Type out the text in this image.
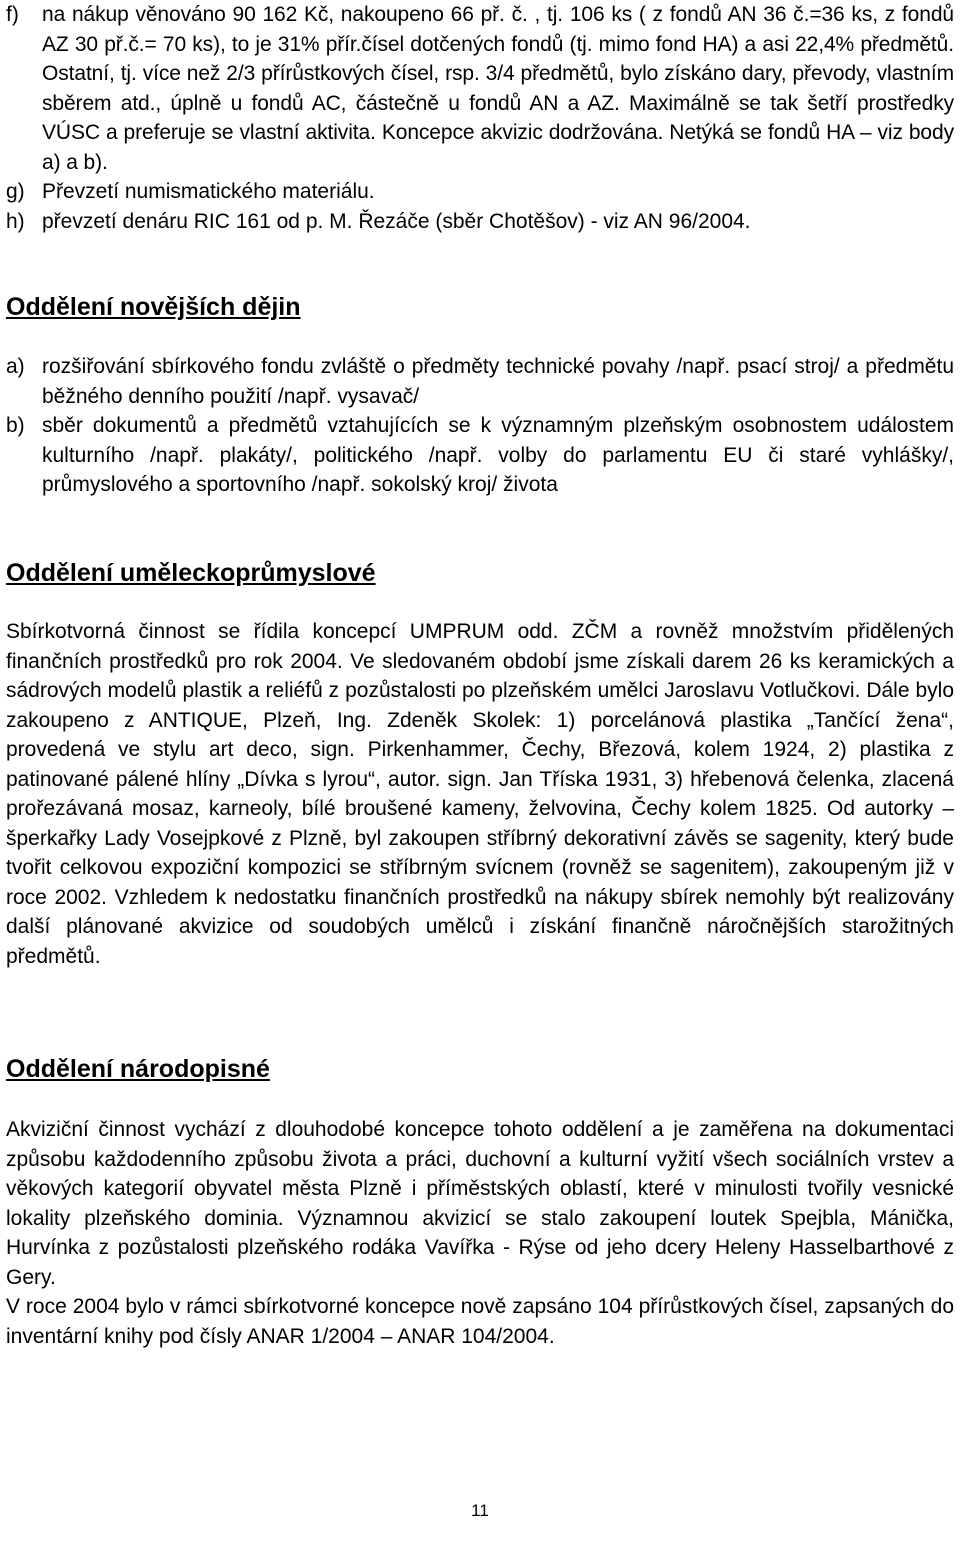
f)	na nákup věnováno 90 162 Kč, nakoupeno 66 př. č. , tj. 106 ks ( z fondů AN 36 č.=36 ks, z fondů AZ 30 př.č.= 70 ks), to je 31% přír.čísel dotčených fondů (tj. mimo fond HA) a asi 22,4% předmětů. Ostatní, tj. více než 2/3 přírůstkových čísel, rsp. 3/4 předmětů, bylo získáno dary, převody, vlastním sběrem atd., úplně u fondů AC, částečně u fondů AN a AZ. Maximálně se tak šetří prostředky VÚSC a preferuje se vlastní aktivita. Koncepce akvizic dodržována. Netýká se fondů HA – viz body a) a b).
g) Převzetí numismatického materiálu.
h) převzetí denáru RIC 161 od p. M. Řezáče (sběr Chotěšov) - viz AN 96/2004.
Oddělení novějších dějin
a) rozšiřování sbírkového fondu zvláště o předměty technické povahy /např. psací stroj/ a předmětu běžného denního použití /např. vysavač/
b) sběr dokumentů a předmětů vztahujících se k významným plzeňským osobnostem událostem kulturního /např. plakáty/, politického /např. volby do parlamentu EU či staré vyhlášky/, průmyslového a sportovního /např. sokolský kroj/ života
Oddělení uměleckoprůmyslové

Sbírkotvorná činnost se řídila koncepcí UMPRUM odd. ZČM a rovněž množstvím přidělených finančních prostředků pro rok 2004. Ve sledovaném období jsme získali darem 26 ks keramických a sádrových modelů plastik a reliéfů z pozůstalosti po plzeňském umělci Jaroslavu Votlučkovi. Dále bylo zakoupeno z ANTIQUE, Plzeň, Ing. Zdeněk Skolek: 1) porcelánová plastika „Tančící žena“, provedená ve stylu art deco, sign. Pirkenhammer, Čechy, Březová, kolem 1924, 2) plastika z patinované pálené hlíny „Dívka s lyrou“, autor. sign. Jan Tříska 1931, 3) hřebenová čelenka, zlacená prořezávaná mosaz, karneoly, bílé broušené kameny, želvovina, Čechy kolem 1825. Od autorky – šperkařky Lady Vosejpkové z Plzně, byl zakoupen stříbrný dekorativní závěs se sagenity, který bude tvořit celkovou expoziční kompozici se stříbrným svícnem (rovněž se sagenitem), zakoupeným již v roce 2002. Vzhledem k nedostatku finančních prostředků na nákupy sbírek nemohly být realizovány další plánované akvizice od soudobých umělců i získání finančně náročnějších starožitných předmětů.

Oddělení národopisné
Akviziční činnost vychází z dlouhodobé koncepce tohoto oddělení a je zaměřena na dokumentaci způsobu každodenního způsobu života a práci, duchovní a kulturní vyžití všech sociálních vrstev a věkových kategorií obyvatel města Plzně i příměstských oblastí, které v minulosti tvořily vesnické lokality plzeňského dominia. Významnou akvizicí se stalo zakoupení loutek Spejbla, Mánička, Hurvínka z pozůstalosti plzeňského rodáka Vavířka - Rýse od jeho dcery Heleny Hasselbarthové z Gery.
V roce 2004 bylo v rámci sbírkotvorné koncepce nově zapsáno 104 přírůstkových čísel, zapsaných do inventární knihy pod čísly ANAR 1/2004 – ANAR 104/2004.
11
